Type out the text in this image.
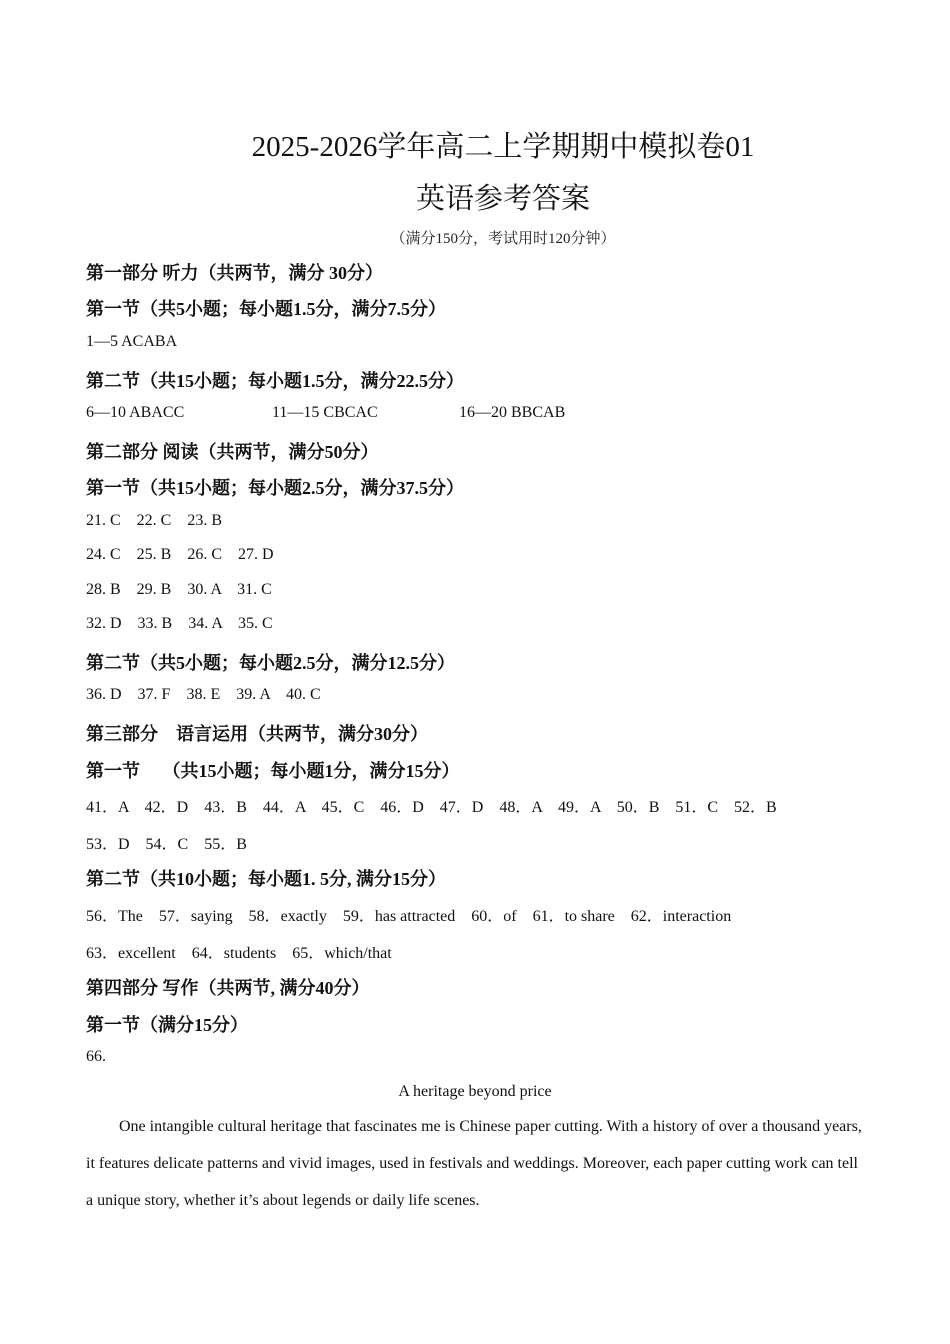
2025-2026学年高二上学期期中模拟卷01
英语参考答案
（满分150分，考试用时120分钟）
第一部分 听力（共两节，满分 30分）
第一节（共5小题；每小题1.5分，满分7.5分）
1—5 ACABA
第二节（共15小题；每小题1.5分，满分22.5分）
6—10 ABACC	11—15 CBCAC	16—20 BBCAB
第二部分 阅读（共两节，满分50分）
第一节（共15小题；每小题2.5分，满分37.5分）
21. C    22. C    23. B
24. C    25. B    26. C    27. D
28. B    29. B    30. A    31. C
32. D    33. B    34. A    35. C
第二节（共5小题；每小题2.5分，满分12.5分）
36. D    37. F    38. E    39. A    40. C
第三部分    语言运用（共两节，满分30分）
第一节     （共15小题；每小题1分，满分15分）
41．A    42．D    43．B    44．A    45．C    46．D    47．D    48．A    49．A    50．B    51．C    52．B
53．D    54．C    55．B
第二节（共10小题；每小题1. 5分, 满分15分）
56．The    57．saying    58．exactly    59．has attracted    60．of    61．to share    62．interaction
63．excellent    64．students    65．which/that
第四部分 写作（共两节, 满分40分）
第一节（满分15分）
66.
A heritage beyond price
One intangible cultural heritage that fascinates me is Chinese paper cutting. With a history of over a thousand years, it features delicate patterns and vivid images, used in festivals and weddings. Moreover, each paper cutting work can tell a unique story, whether it’s about legends or daily life scenes.
